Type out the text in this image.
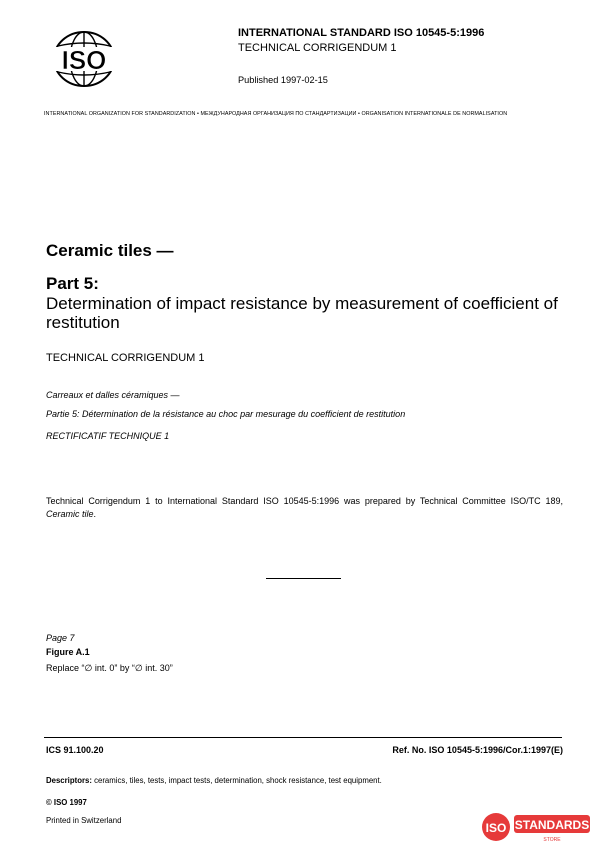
ISO
INTERNATIONAL STANDARD ISO 10545-5:1996
TECHNICAL CORRIGENDUM 1
Published 1997-02-15
INTERNATIONAL ORGANIZATION FOR STANDARDIZATION • МЕЖДУНАРОДНАЯ ОРГАНИЗАЦИЯ ПО СТАНДАРТИЗАЦИИ • ORGANISATION INTERNATIONALE DE NORMALISATION
Ceramic tiles —
Part 5:
Determination of impact resistance by measurement of coefficient of restitution
TECHNICAL CORRIGENDUM 1
Carreaux et dalles céramiques —
Partie 5: Détermination de la résistance au choc par mesurage du coefficient de restitution
RECTIFICATIF TECHNIQUE 1
Technical Corrigendum 1 to International Standard ISO 10545-5:1996 was prepared by Technical Committee ISO/TC 189, Ceramic tile.
Page 7
Figure A.1
Replace “∅ int. 0” by “∅ int. 30”
ICS 91.100.20	Ref. No. ISO 10545-5:1996/Cor.1:1997(E)
Descriptors: ceramics, tiles, tests, impact tests, determination, shock resistance, test equipment.
© ISO 1997
Printed in Switzerland
ISO STANDARDS
STORE
